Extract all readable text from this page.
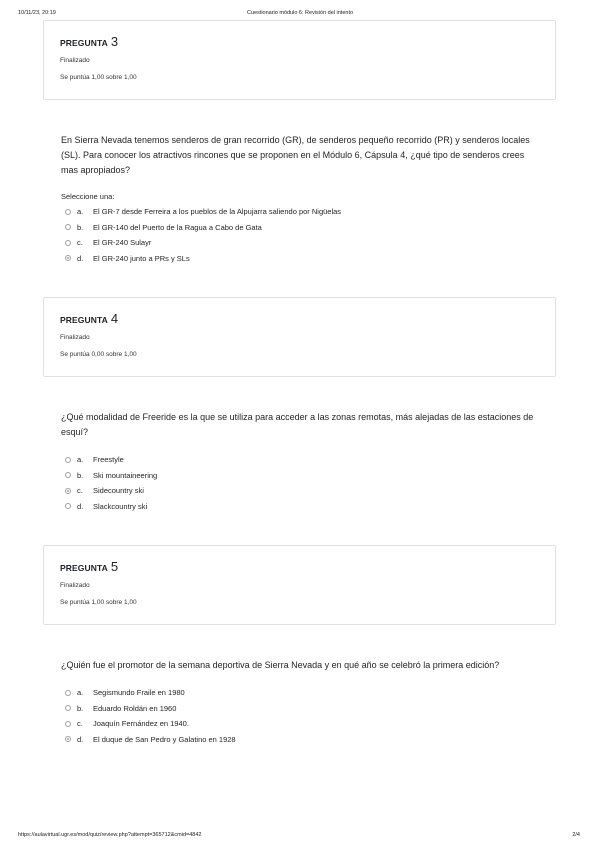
10/11/23, 20:19	Cuestionario módulo 6: Revisión del intento
PREGUNTA 3
Finalizado
Se puntúa 1,00 sobre 1,00
En Sierra Nevada tenemos senderos de gran recorrido (GR), de senderos pequeño recorrido (PR) y senderos locales (SL). Para conocer los atractivos rincones que se proponen en el Módulo 6, Cápsula 4, ¿qué tipo de senderos crees mas apropiados?
Seleccione una:
a.	El GR-7 desde Ferreira a los pueblos de la Alpujarra saliendo por Nigüelas
b.	El GR-140 del Puerto de la Ragua a Cabo de Gata
c.	El GR-240 Sulayr
d.	El GR-240 junto a PRs y SLs
PREGUNTA 4
Finalizado
Se puntúa 0,00 sobre 1,00
¿Qué modalidad de Freeride es la que se utiliza para acceder a las zonas remotas, más alejadas de las estaciones de esquí?
a.	Freestyle
b.	Ski mountaineering
c.	Sidecountry ski
d.	Slackcountry ski
PREGUNTA 5
Finalizado
Se puntúa 1,00 sobre 1,00
¿Quién fue el promotor de la semana deportiva de Sierra Nevada y en qué año se celebró la primera edición?
a.	Segismundo Fraile en 1980
b.	Eduardo Roldán en 1960
c.	Joaquín Fernández en 1940.
d.	El duque de San Pedro y Galatino en 1928
https://aulavirtual.ugr.es/mod/quiz/review.php?attempt=365712&cmid=4842	2/4
